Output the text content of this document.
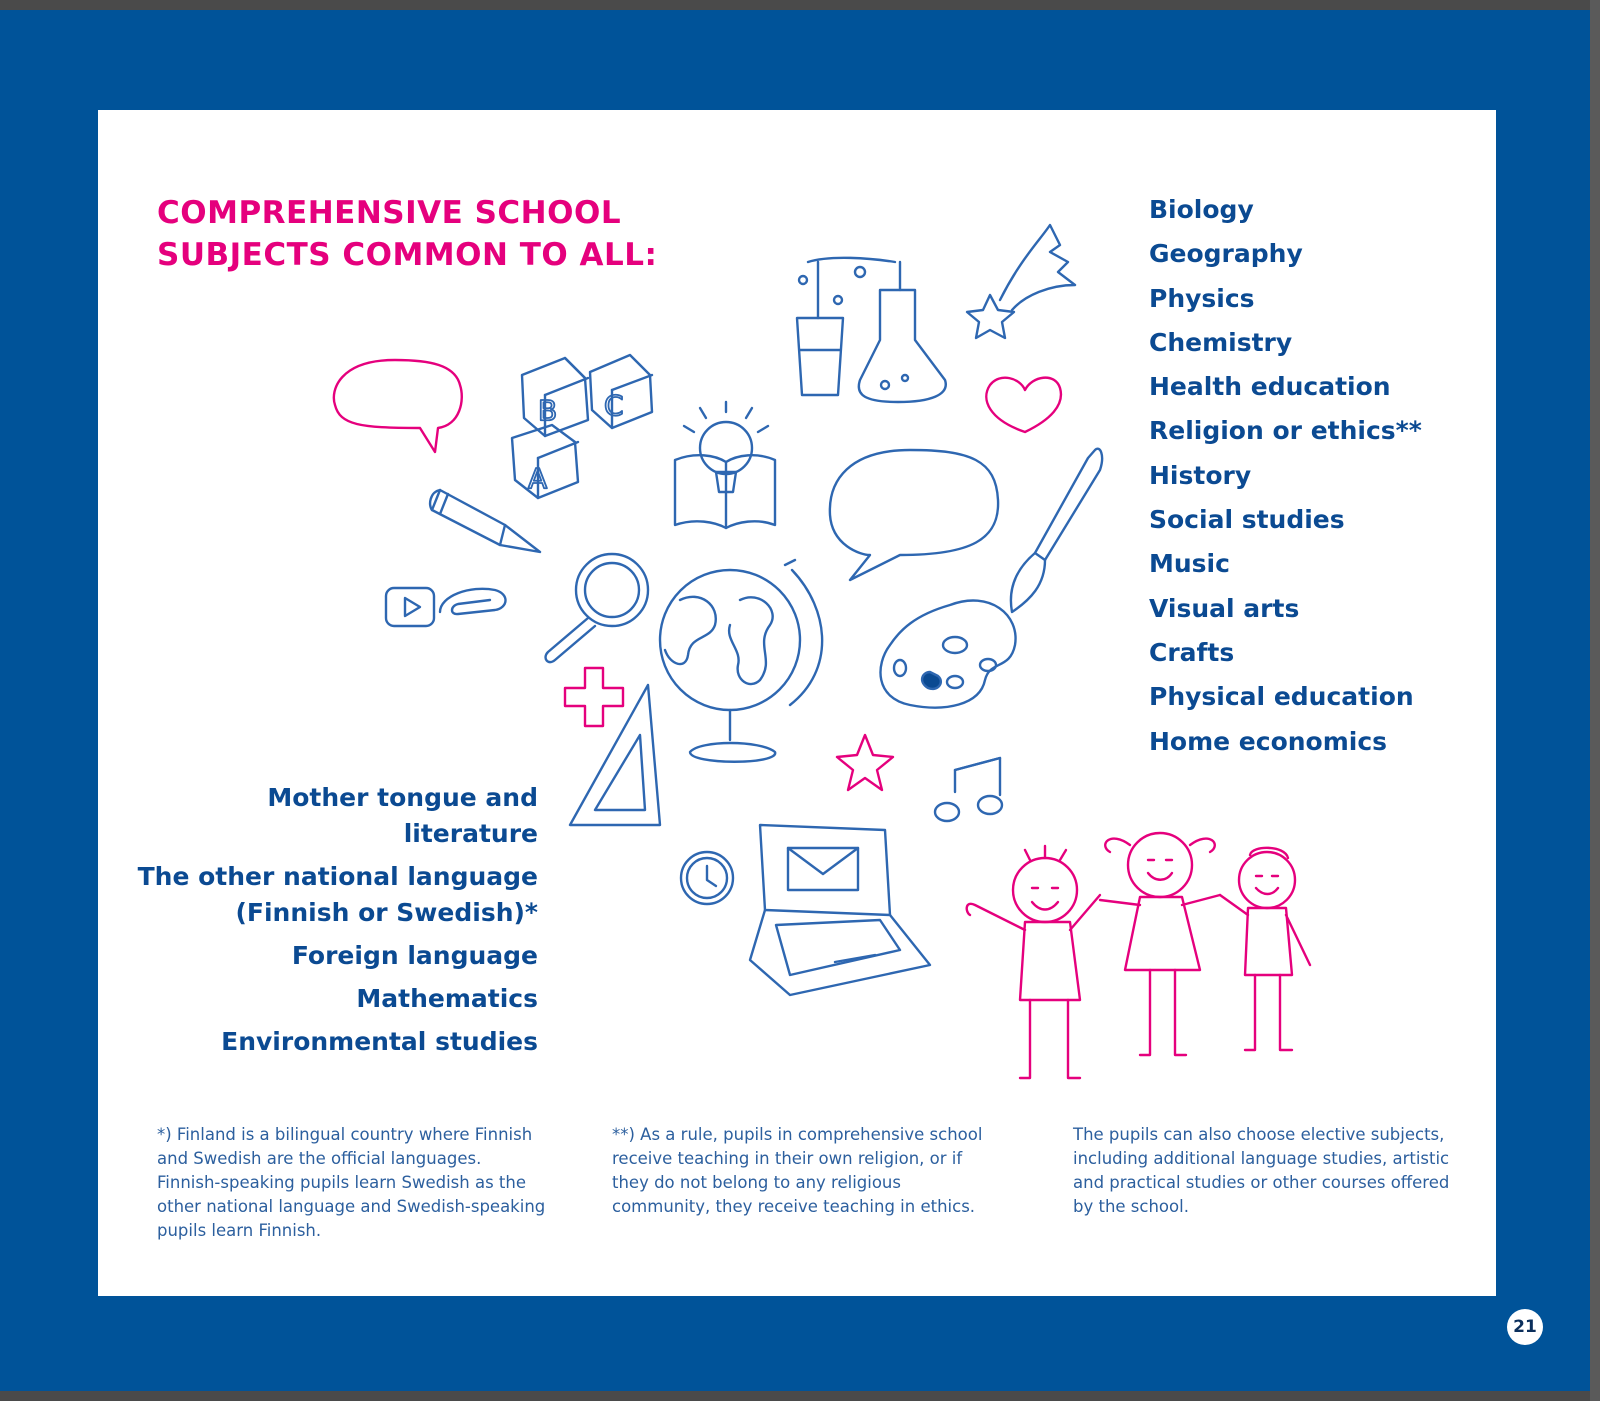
COMPREHENSIVE SCHOOL
SUBJECTS COMMON TO ALL:
Biology
Geography
Physics
Chemistry
Health education
Religion or ethics**
History
Social studies
Music
Visual arts
Crafts
Physical education
Home economics
Mother tongue and literature
The other national language (Finnish or Swedish)*
Foreign language
Mathematics
Environmental studies
B C
A

*) Finland is a bilingual country where Finnish and Swedish are the official languages. Finnish-speaking pupils learn Swedish as the other national language and Swedish-speaking pupils learn Finnish.

**) As a rule, pupils in comprehensive school receive teaching in their own religion, or if they do not belong to any religious community, they receive teaching in ethics.

The pupils can also choose elective subjects, including additional language studies, artistic and practical studies or other courses offered by the school.

21
